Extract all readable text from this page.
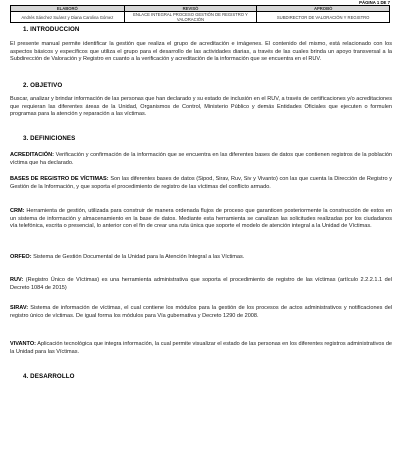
PÁGINA 1 DE 7
ELABORÓ	REVISÓ	APROBÓ
Andrés Sánchez Suárez y Diana Carolina Gómez	ENLACE INTEGRAL PROCESO GESTIÓN DE REGISTRO Y VALORACIÓN	SUBDIRECTOR DE VALORACIÓN Y REGISTRO
1. INTRODUCCION
El presente manual permite identificar la gestión que realiza el grupo de acreditación e imágenes. El contenido del mismo, está relacionado con los aspectos básicos y específicos que utiliza el grupo para el desarrollo de las actividades diarias, a través de las cuales brinda un apoyo transversal a la Subdirección de Valoración y Registro en cuanto a la verificación y acreditación de la información que se encuentra en el RUV.
2. OBJETIVO
Buscar, analizar y brindar información de las personas que han declarado y su estado de inclusión en el RUV, a través de certificaciones y/o acreditaciones que requieran las diferentes áreas de la Unidad, Organismos de Control, Ministerio Público y demás Entidades Oficiales que ejecuten o formulen programas para la atención y reparación a las víctimas.
3. DEFINICIONES
ACREDITACIÓN: Verificación y confirmación de la información que se encuentra en las diferentes bases de datos que contienen registros de la población víctima que ha declarado.
BASES DE REGISTRO DE VÍCTIMAS: Son las diferentes bases de datos (Sipod, Sirav, Ruv, Siv y Vivanto) con las que cuenta la Dirección de Registro y Gestión de la Información, y que soporta el procedimiento de registro de las víctimas del conflicto armado.
CRM: Herramienta de gestión, utilizada para construir de manera ordenada flujos de proceso que garanticen posteriormente la construcción de estos en un sistema de información y almacenamiento en la base de datos. Mediante esta herramienta se canalizan las solicitudes realizadas por los ciudadanos vía telefónica, escrita o presencial, lo anterior con el fin de crear una ruta única que soporte el modelo de atención integral a la Unidad de Víctimas.
ORFEO: Sistema de Gestión Documental de la Unidad para la Atención Integral a las Víctimas.
RUV: (Registro Único de Víctimas) es una herramienta administrativa que soporta el procedimiento de registro de las víctimas (artículo 2.2.2.1.1 del Decreto 1084 de 2015)
SIRAV: Sistema de información de víctimas, el cual contiene los módulos para la gestión de los procesos de actos administrativos y notificaciones del registro único de víctimas. De igual forma los módulos para Vía gubernativa y Decreto 1290 de 2008.
VIVANTO: Aplicación tecnológica que integra información, la cual permite visualizar el estado de las personas en los diferentes registros administrativos de la Unidad para las Víctimas.
4. DESARROLLO
